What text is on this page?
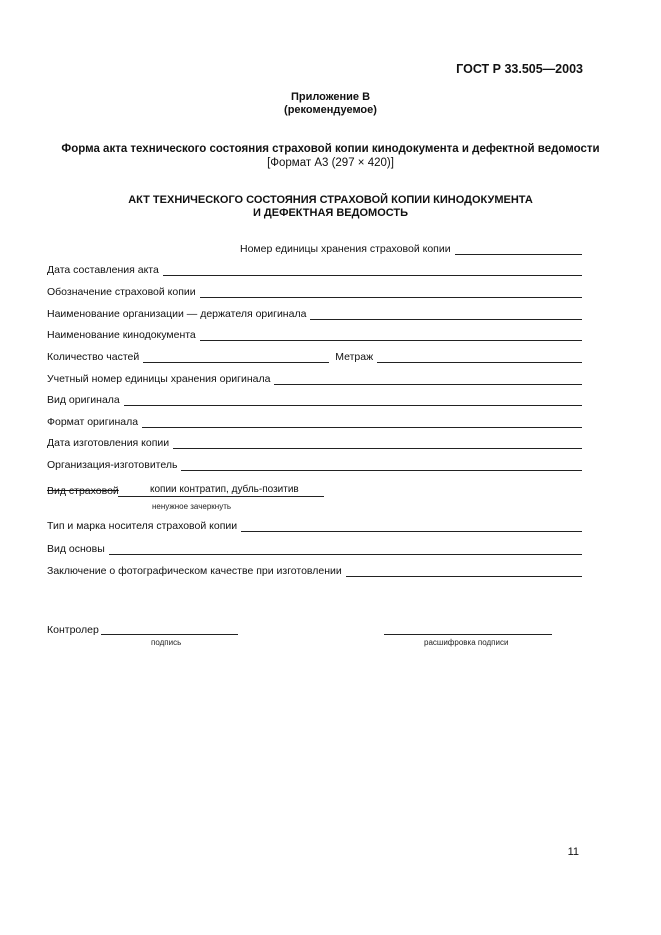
ГОСТ Р 33.505—2003
Приложение В
(рекомендуемое)
Форма акта технического состояния страховой копии кинодокумента и дефектной ведомости
[Формат А3 (297 × 420)]
АКТ ТЕХНИЧЕСКОГО СОСТОЯНИЯ СТРАХОВОЙ КОПИИ КИНОДОКУМЕНТА
И ДЕФЕКТНАЯ ВЕДОМОСТЬ
Номер единицы хранения страховой копии
Дата составления акта
Обозначение страховой копии
Наименование организации — держателя оригинала
Наименование кинодокумента
Количество частей	Метраж
Учетный номер единицы хранения оригинала
Вид оригинала
Формат оригинала
Дата изготовления копии
Организация-изготовитель
Вид страховой	копии контратип, дубль-позитив
ненужное зачеркнуть
Тип и марка носителя страховой копии
Вид основы
Заключение о фотографическом качестве при изготовлении
Контролер
подпись	расшифровка подписи
11
